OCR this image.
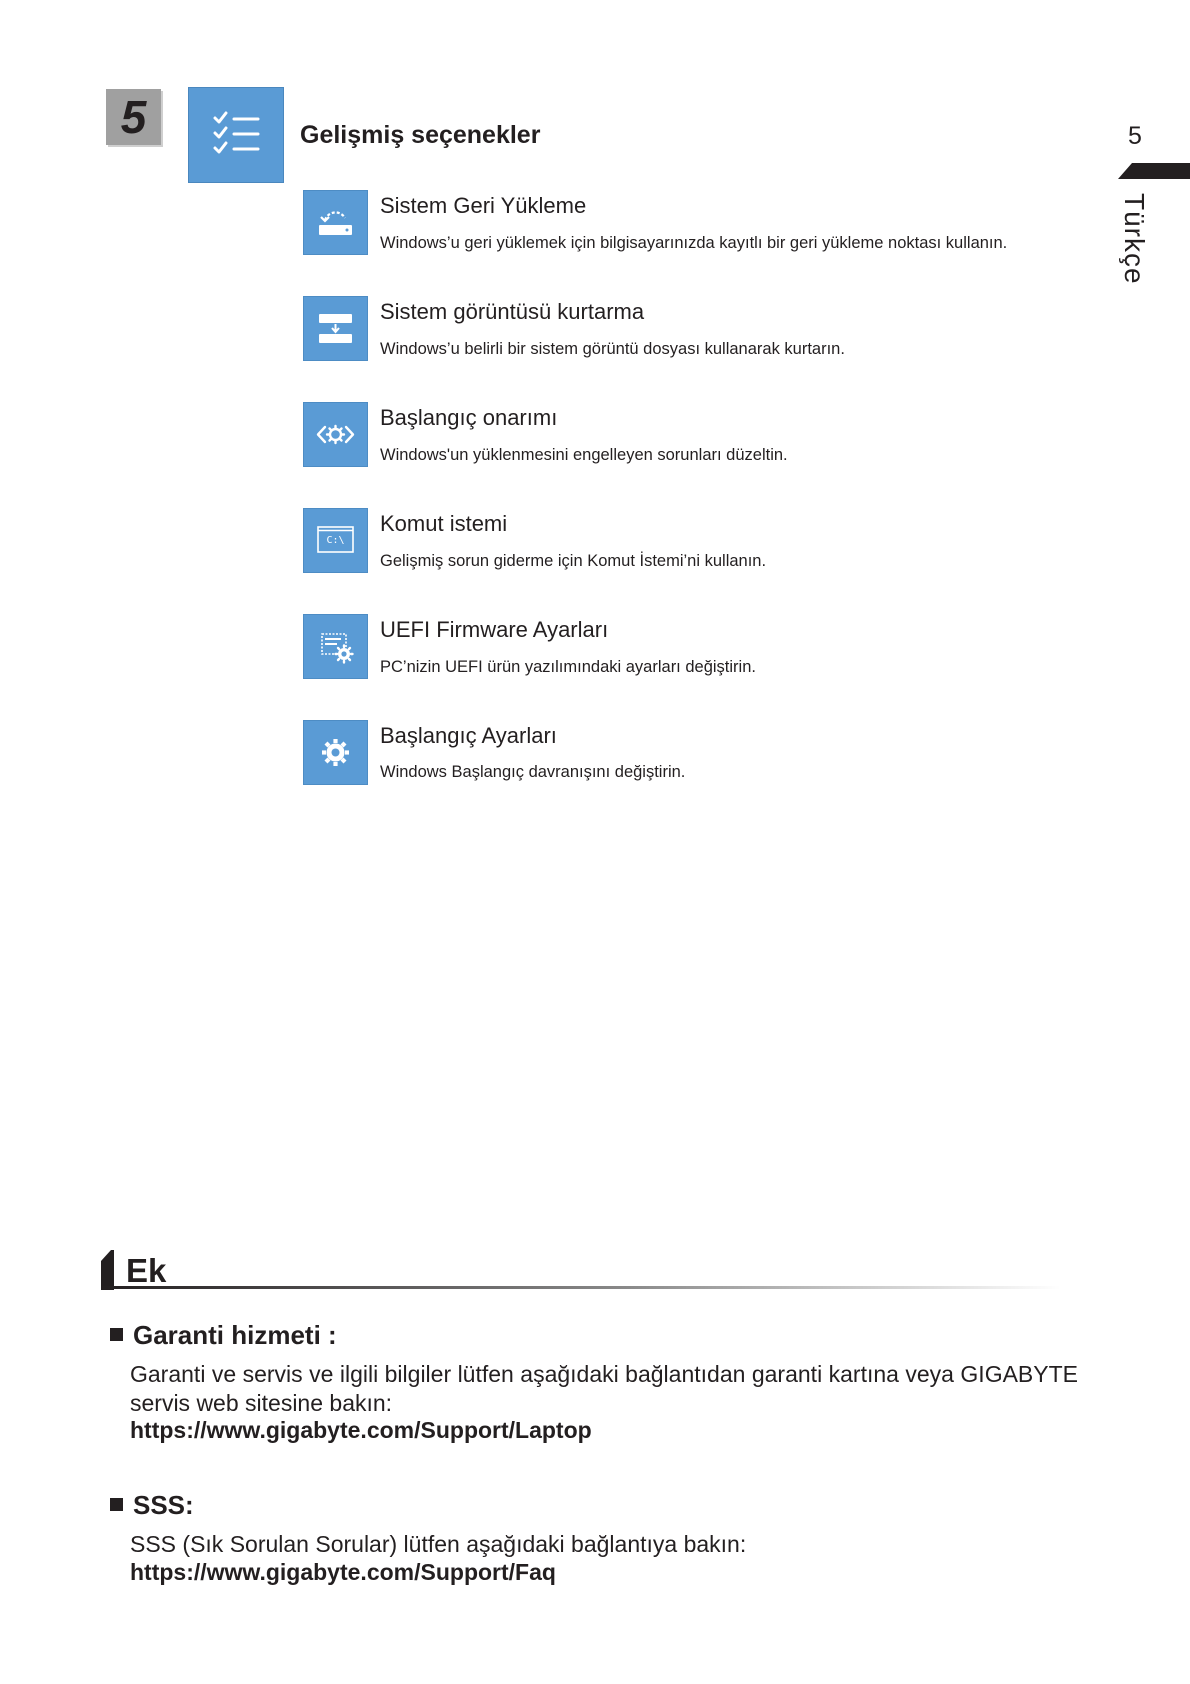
5	Gelişmiş seçenekler	5
Türkçe
Sistem Geri Yükleme
Windows’u geri yüklemek için bilgisayarınızda kayıtlı bir geri yükleme noktası kullanın.
Sistem görüntüsü kurtarma
Windows’u belirli bir sistem görüntü dosyası kullanarak kurtarın.
Başlangıç onarımı
Windows'un yüklenmesini engelleyen sorunları düzeltin.
C:\
Komut istemi
Gelişmiş sorun giderme için Komut İstemi’ni kullanın.
UEFI Firmware Ayarları
PC’nizin UEFI ürün yazılımındaki ayarları değiştirin.
Başlangıç Ayarları
Windows Başlangıç davranışını değiştirin.
Ek
Garanti hizmeti :
Garanti ve servis ve ilgili bilgiler lütfen aşağıdaki bağlantıdan garanti kartına veya GIGABYTE servis web sitesine bakın:
https://www.gigabyte.com/Support/Laptop
SSS:
SSS (Sık Sorulan Sorular) lütfen aşağıdaki bağlantıya bakın:
https://www.gigabyte.com/Support/Faq
